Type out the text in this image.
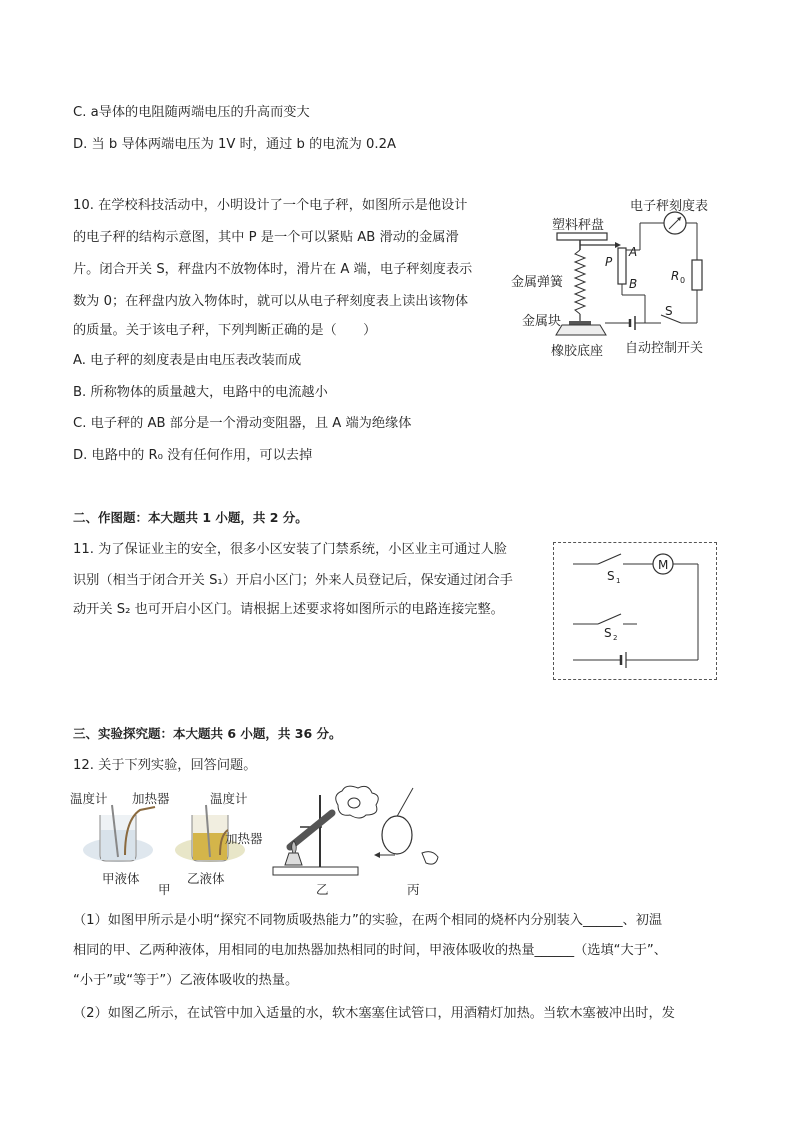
C. a导体的电阻随两端电压的升高而变大
D. 当 b 导体两端电压为 1V 时，通过 b 的电流为 0.2A
10. 在学校科技活动中，小明设计了一个电子秤，如图所示是他设计
的电子秤的结构示意图，其中 P 是一个可以紧贴 AB 滑动的金属滑
片。闭合开关 S，秤盘内不放物体时，滑片在 A 端，电子秤刻度表示
数为 0；在秤盘内放入物体时，就可以从电子秤刻度表上读出该物体
的质量。关于该电子秤，下列判断正确的是（　　）
A. 电子秤的刻度表是由电压表改装而成
B. 所称物体的质量越大，电路中的电流越小
C. 电子秤的 AB 部分是一个滑动变阻器，且 A 端为绝缘体
D. 电路中的 R₀ 没有任何作用，可以去掉
电子秤刻度表
塑料秤盘
A
P
B
金属弹簧
金属块
橡胶底座 自动控制开关
R 0
S
二、作图题：本大题共 1 小题，共 2 分。
11. 为了保证业主的安全，很多小区安装了门禁系统，小区业主可通过人脸
识别（相当于闭合开关 S₁）开启小区门；外来人员登记后，保安通过闭合手
动开关 S₂ 也可开启小区门。请根据上述要求将如图所示的电路连接完整。
M
S 1
S 2
三、实验探究题：本大题共 6 小题，共 36 分。
12. 关于下列实验，回答问题。
温度计 加热器	温度计
加热器
甲液体	乙液体
甲	乙	丙
（1）如图甲所示是小明“探究不同物质吸热能力”的实验，在两个相同的烧杯内分别装入______、初温
相同的甲、乙两种液体，用相同的电加热器加热相同的时间，甲液体吸收的热量______（选填“大于”、
“小于”或“等于”）乙液体吸收的热量。
（2）如图乙所示，在试管中加入适量的水，软木塞塞住试管口，用酒精灯加热。当软木塞被冲出时，发
